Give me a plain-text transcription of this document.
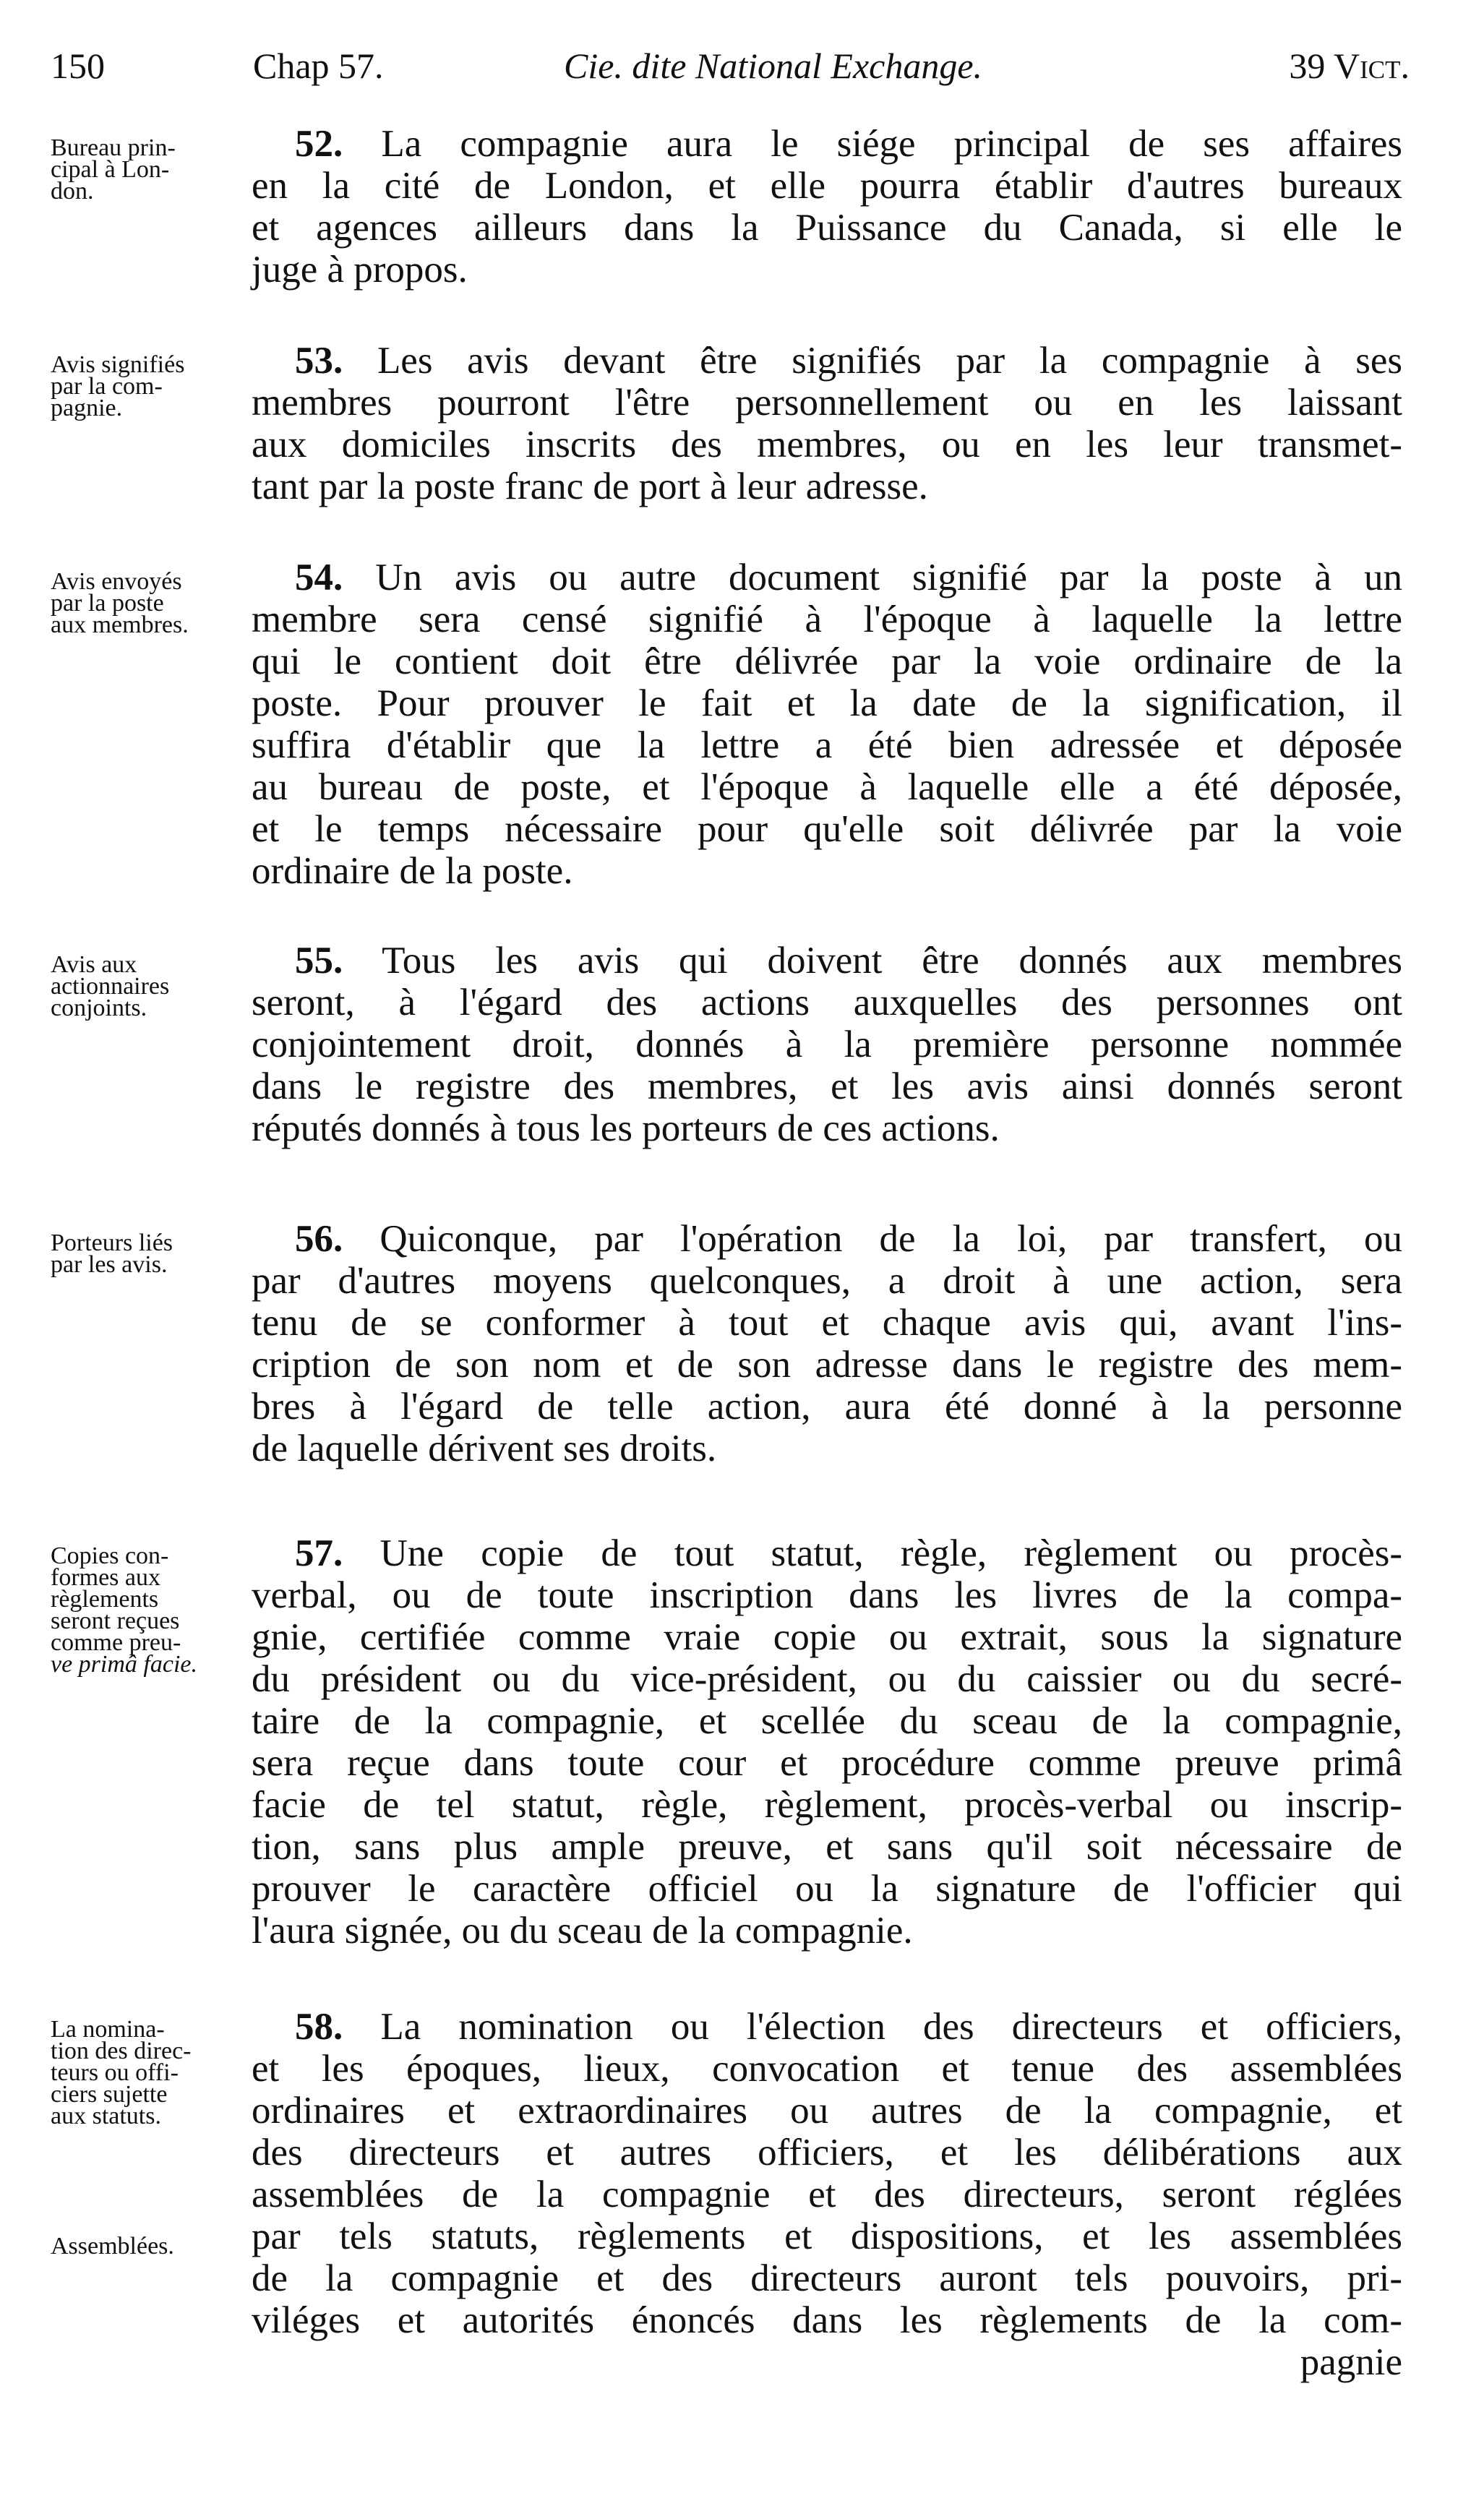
150	Chap 57.	Cie. dite National Exchange.	39 Vict.
Bureau prin-
cipal à Lon-
don.
52. La compagnie aura le siége principal de ses affaires
en la cité de London, et elle pourra établir d'autres bureaux
et agences ailleurs dans la Puissance du Canada, si elle le
juge à propos.
Avis signifiés
par la com-
pagnie.
53. Les avis devant être signifiés par la compagnie à ses
membres pourront l'être personnellement ou en les laissant
aux domiciles inscrits des membres, ou en les leur transmet-
tant par la poste franc de port à leur adresse.
Avis envoyés
par la poste
aux membres.
54. Un avis ou autre document signifié par la poste à un
membre sera censé signifié à l'époque à laquelle la lettre
qui le contient doit être délivrée par la voie ordinaire de la
poste. Pour prouver le fait et la date de la signification, il
suffira d'établir que la lettre a été bien adressée et déposée
au bureau de poste, et l'époque à laquelle elle a été déposée,
et le temps nécessaire pour qu'elle soit délivrée par la voie
ordinaire de la poste.
Avis aux
actionnaires
conjoints.
55. Tous les avis qui doivent être donnés aux membres
seront, à l'égard des actions auxquelles des personnes ont
conjointement droit, donnés à la première personne nommée
dans le registre des membres, et les avis ainsi donnés seront
réputés donnés à tous les porteurs de ces actions.
Porteurs liés
par les avis.
56. Quiconque, par l'opération de la loi, par transfert, ou
par d'autres moyens quelconques, a droit à une action, sera
tenu de se conformer à tout et chaque avis qui, avant l'ins-
cription de son nom et de son adresse dans le registre des mem-
bres à l'égard de telle action, aura été donné à la personne
de laquelle dérivent ses droits.
Copies con-
formes aux
règlements
seront reçues
comme preu-
ve primâ facie.
57. Une copie de tout statut, règle, règlement ou procès-
verbal, ou de toute inscription dans les livres de la compa-
gnie, certifiée comme vraie copie ou extrait, sous la signature
du président ou du vice-président, ou du caissier ou du secré-
taire de la compagnie, et scellée du sceau de la compagnie,
sera reçue dans toute cour et procédure comme preuve primâ
facie de tel statut, règle, règlement, procès-verbal ou inscrip-
tion, sans plus ample preuve, et sans qu'il soit nécessaire de
prouver le caractère officiel ou la signature de l'officier qui
l'aura signée, ou du sceau de la compagnie.
La nomina-
tion des direc-
teurs ou offi-
ciers sujette
aux statuts.
Assemblées.
58. La nomination ou l'élection des directeurs et officiers,
et les époques, lieux, convocation et tenue des assemblées
ordinaires et extraordinaires ou autres de la compagnie, et
des directeurs et autres officiers, et les délibérations aux
assemblées de la compagnie et des directeurs, seront réglées
par tels statuts, règlements et dispositions, et les assemblées
de la compagnie et des directeurs auront tels pouvoirs, pri-
viléges et autorités énoncés dans les règlements de la com-
pagnie
